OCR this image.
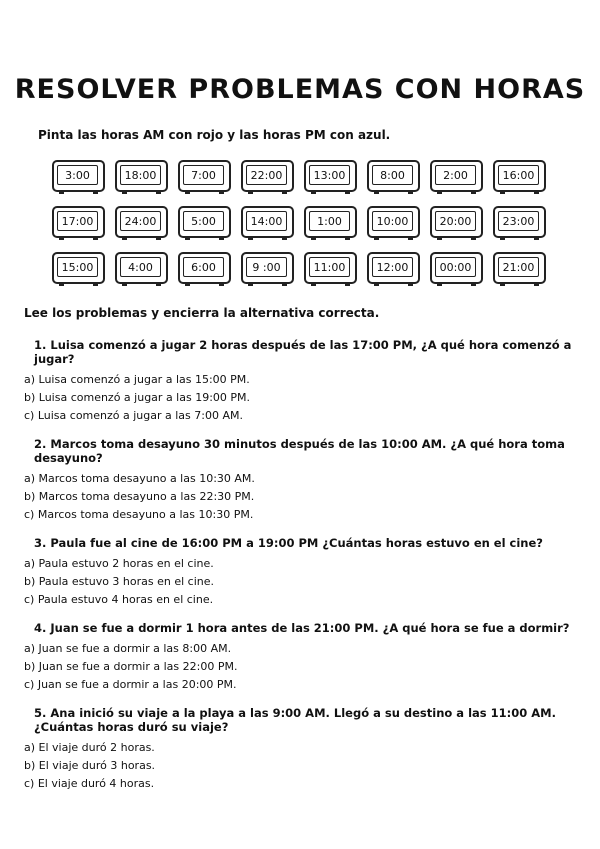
RESOLVER PROBLEMAS CON HORAS
Pinta las horas AM con rojo y las horas PM con azul.
3:00	18:00	7:00	22:00	13:00	8:00	2:00	16:00
17:00	24:00	5:00	14:00	1:00	10:00	20:00	23:00
15:00	4:00	6:00	9 :00	11:00	12:00	00:00	21:00
Lee los problemas y encierra la alternativa correcta.
1. Luisa comenzó a jugar 2 horas después de las 17:00 PM, ¿A qué hora comenzó a jugar?
a) Luisa comenzó a jugar a las 15:00 PM.
b) Luisa comenzó a jugar a las 19:00 PM.
c) Luisa comenzó a jugar a las 7:00 AM.
2. Marcos toma desayuno 30 minutos después de las 10:00 AM. ¿A qué hora toma desayuno?
a) Marcos toma desayuno a las 10:30 AM.
b) Marcos toma desayuno a las 22:30 PM.
c) Marcos toma desayuno a las 10:30 PM.
3. Paula fue al cine de 16:00 PM a 19:00 PM ¿Cuántas horas estuvo en el cine?
a) Paula estuvo 2 horas en el cine.
b) Paula estuvo 3 horas en el cine.
c) Paula estuvo 4 horas en el cine.
4. Juan se fue a dormir 1 hora antes de las 21:00 PM. ¿A qué hora se fue a dormir?
a) Juan se fue a dormir a las 8:00 AM.
b) Juan se fue a dormir a las 22:00 PM.
c) Juan se fue a dormir a las 20:00 PM.
5. Ana inició su viaje a la playa a las 9:00 AM. Llegó a su destino a las 11:00 AM. ¿Cuántas horas duró su viaje?
a) El viaje duró 2 horas.
b) El viaje duró 3 horas.
c) El viaje duró 4 horas.
